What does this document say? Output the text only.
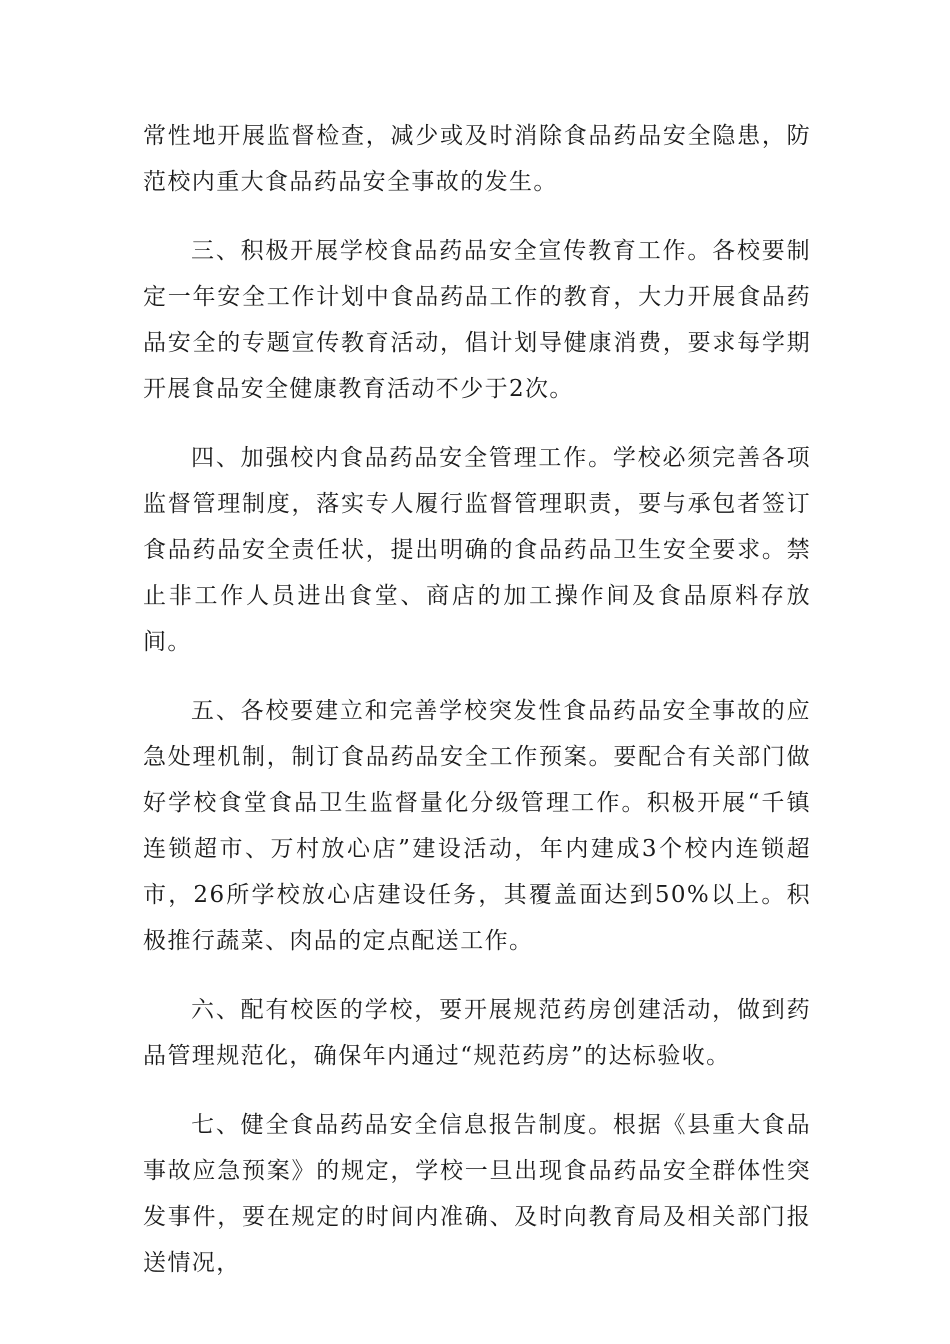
常性地开展监督检查，减少或及时消除食品药品安全隐患，防范校内重大食品药品安全事故的发生。

三、积极开展学校食品药品安全宣传教育工作。各校要制定一年安全工作计划中食品药品工作的教育，大力开展食品药品安全的专题宣传教育活动，倡计划导健康消费，要求每学期开展食品安全健康教育活动不少于2次。

四、加强校内食品药品安全管理工作。学校必须完善各项监督管理制度，落实专人履行监督管理职责，要与承包者签订食品药品安全责任状，提出明确的食品药品卫生安全要求。禁止非工作人员进出食堂、商店的加工操作间及食品原料存放间。

五、各校要建立和完善学校突发性食品药品安全事故的应急处理机制，制订食品药品安全工作预案。要配合有关部门做好学校食堂食品卫生监督量化分级管理工作。积极开展“千镇连锁超市、万村放心店”建设活动，年内建成3个校内连锁超市，26所学校放心店建设任务，其覆盖面达到50%以上。积极推行蔬菜、肉品的定点配送工作。

六、配有校医的学校，要开展规范药房创建活动，做到药品管理规范化，确保年内通过“规范药房”的达标验收。

七、健全食品药品安全信息报告制度。根据《县重大食品事故应急预案》的规定，学校一旦出现食品药品安全群体性突发事件，要在规定的时间内准确、及时向教育局及相关部门报送情况，
